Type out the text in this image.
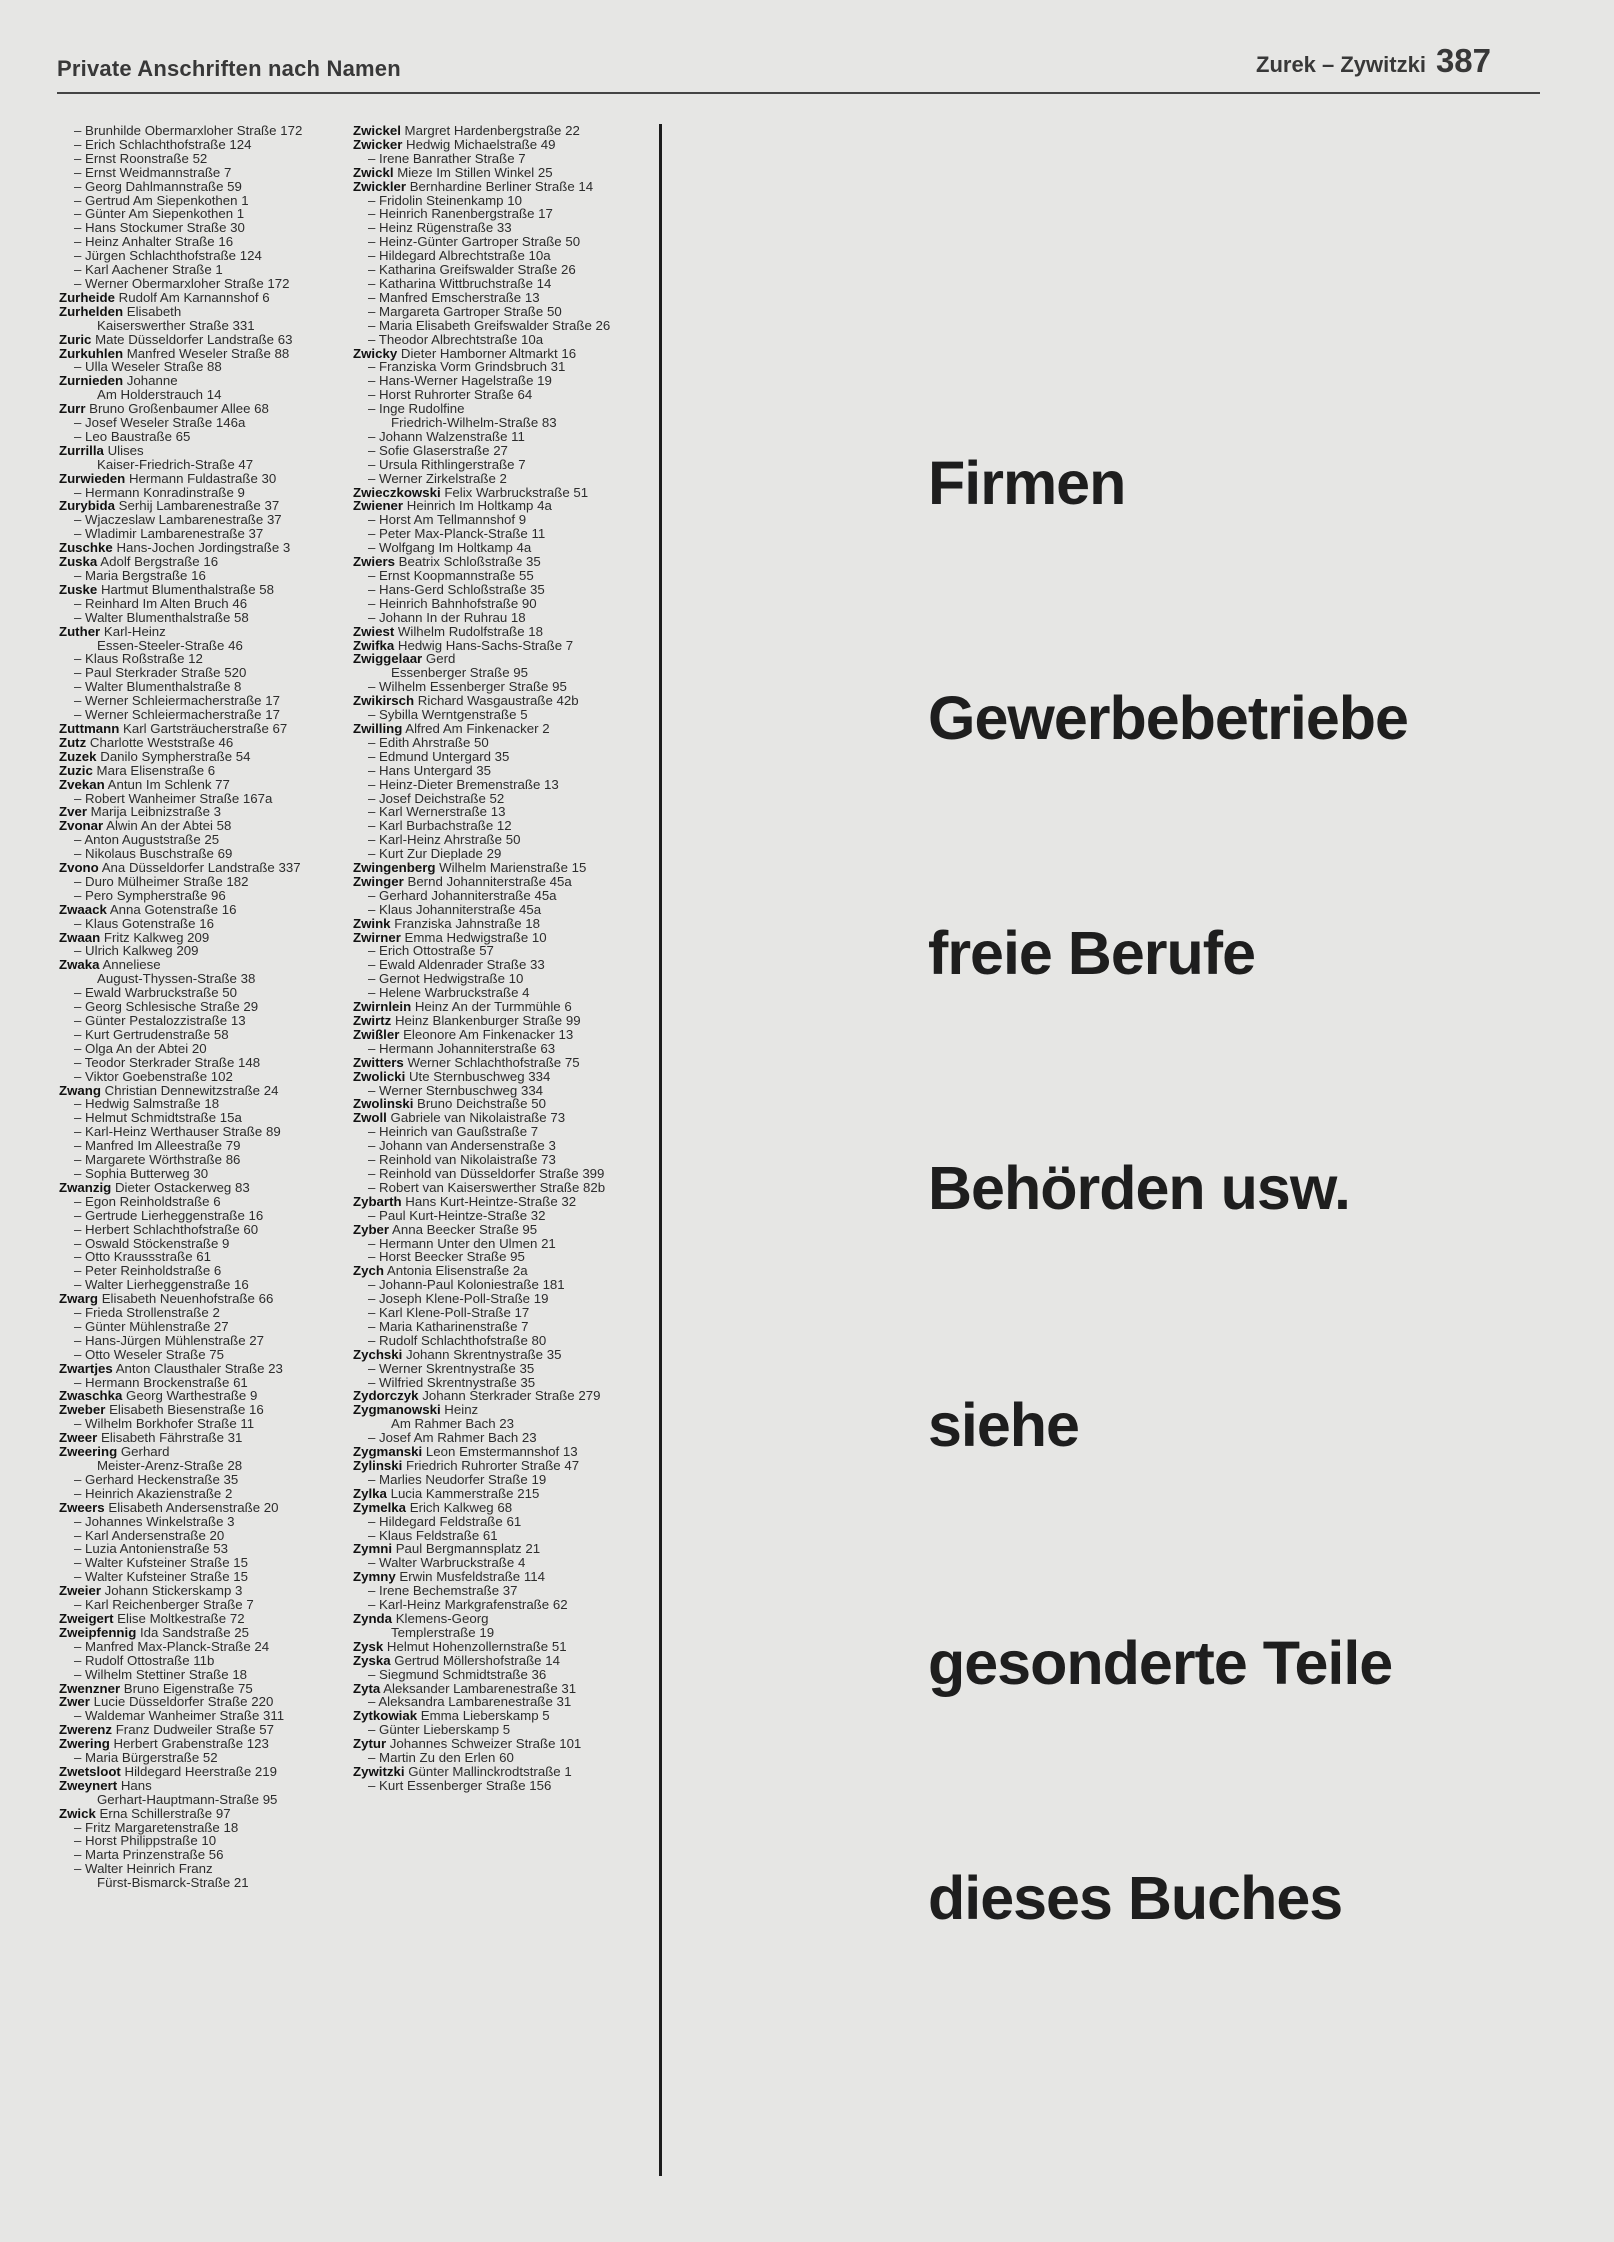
Private Anschriften nach Namen	Zurek – Zywitzki 387
– Brunhilde Obermarxloher Straße 172
– Erich Schlachthofstraße 124
– Ernst Roonstraße 52
– Ernst Weidmannstraße 7
– Georg Dahlmannstraße 59
– Gertrud Am Siepenkothen 1
– Günter Am Siepenkothen 1
– Hans Stockumer Straße 30
– Heinz Anhalter Straße 16
– Jürgen Schlachthofstraße 124
– Karl Aachener Straße 1
– Werner Obermarxloher Straße 172
Zurheide Rudolf Am Karnannshof 6
Zurhelden Elisabeth
Kaiserswerther Straße 331
Zuric Mate Düsseldorfer Landstraße 63
Zurkuhlen Manfred Weseler Straße 88
– Ulla Weseler Straße 88
Zurnieden Johanne
Am Holderstrauch 14
Zurr Bruno Großenbaumer Allee 68
– Josef Weseler Straße 146a
– Leo Baustraße 65
Zurrilla Ulises
Kaiser-Friedrich-Straße 47
Zurwieden Hermann Fuldastraße 30
– Hermann Konradinstraße 9
Zurybida Serhij Lambarenestraße 37
– Wjaczeslaw Lambarenestraße 37
– Wladimir Lambarenestraße 37
Zuschke Hans-Jochen Jordingstraße 3
Zuska Adolf Bergstraße 16
– Maria Bergstraße 16
Zuske Hartmut Blumenthalstraße 58
– Reinhard Im Alten Bruch 46
– Walter Blumenthalstraße 58
Zuther Karl-Heinz
Essen-Steeler-Straße 46
– Klaus Roßstraße 12
– Paul Sterkrader Straße 520
– Walter Blumenthalstraße 8
– Werner Schleiermacherstraße 17
– Werner Schleiermacherstraße 17
Zuttmann Karl Gartsträucherstraße 67
Zutz Charlotte Weststraße 46
Zuzek Danilo Sympherstraße 54
Zuzic Mara Elisenstraße 6
Zvekan Antun Im Schlenk 77
– Robert Wanheimer Straße 167a
Zver Marija Leibnizstraße 3
Zvonar Alwin An der Abtei 58
– Anton Auguststraße 25
– Nikolaus Buschstraße 69
Zvono Ana Düsseldorfer Landstraße 337
– Duro Mülheimer Straße 182
– Pero Sympherstraße 96
Zwaack Anna Gotenstraße 16
– Klaus Gotenstraße 16
Zwaan Fritz Kalkweg 209
– Ulrich Kalkweg 209
Zwaka Anneliese
August-Thyssen-Straße 38
– Ewald Warbruckstraße 50
– Georg Schlesische Straße 29
– Günter Pestalozzistraße 13
– Kurt Gertrudenstraße 58
– Olga An der Abtei 20
– Teodor Sterkrader Straße 148
– Viktor Goebenstraße 102
Zwang Christian Dennewitzstraße 24
– Hedwig Salmstraße 18
– Helmut Schmidtstraße 15a
– Karl-Heinz Werthauser Straße 89
– Manfred Im Alleestraße 79
– Margarete Wörthstraße 86
– Sophia Butterweg 30
Zwanzig Dieter Ostackerweg 83
– Egon Reinholdstraße 6
– Gertrude Lierheggenstraße 16
– Herbert Schlachthofstraße 60
– Oswald Stöckenstraße 9
– Otto Kraussstraße 61
– Peter Reinholdstraße 6
– Walter Lierheggenstraße 16
Zwarg Elisabeth Neuenhofstraße 66
– Frieda Strollenstraße 2
– Günter Mühlenstraße 27
– Hans-Jürgen Mühlenstraße 27
– Otto Weseler Straße 75
Zwartjes Anton Clausthaler Straße 23
– Hermann Brockenstraße 61
Zwaschka Georg Warthestraße 9
Zweber Elisabeth Biesenstraße 16
– Wilhelm Borkhofer Straße 11
Zweer Elisabeth Fährstraße 31
Zweering Gerhard
Meister-Arenz-Straße 28
– Gerhard Heckenstraße 35
– Heinrich Akazienstraße 2
Zweers Elisabeth Andersenstraße 20
– Johannes Winkelstraße 3
– Karl Andersenstraße 20
– Luzia Antonienstraße 53
– Walter Kufsteiner Straße 15
– Walter Kufsteiner Straße 15
Zweier Johann Stickerskamp 3
– Karl Reichenberger Straße 7
Zweigert Elise Moltkestraße 72
Zweipfennig Ida Sandstraße 25
– Manfred Max-Planck-Straße 24
– Rudolf Ottostraße 11b
– Wilhelm Stettiner Straße 18
Zwenzner Bruno Eigenstraße 75
Zwer Lucie Düsseldorfer Straße 220
– Waldemar Wanheimer Straße 311
Zwerenz Franz Dudweiler Straße 57
Zwering Herbert Grabenstraße 123
– Maria Bürgerstraße 52
Zwetsloot Hildegard Heerstraße 219
Zweynert Hans
Gerhart-Hauptmann-Straße 95
Zwick Erna Schillerstraße 97
– Fritz Margaretenstraße 18
– Horst Philippstraße 10
– Marta Prinzenstraße 56
– Walter Heinrich Franz
Fürst-Bismarck-Straße 21
Zwickel Margret Hardenbergstraße 22
Zwicker Hedwig Michaelstraße 49
– Irene Banrather Straße 7
Zwickl Mieze Im Stillen Winkel 25
Zwickler Bernhardine Berliner Straße 14
– Fridolin Steinenkamp 10
– Heinrich Ranenbergstraße 17
– Heinz Rügenstraße 33
– Heinz-Günter Gartroper Straße 50
– Hildegard Albrechtstraße 10a
– Katharina Greifswalder Straße 26
– Katharina Wittbruchstraße 14
– Manfred Emscherstraße 13
– Margareta Gartroper Straße 50
– Maria Elisabeth Greifswalder Straße 26
– Theodor Albrechtstraße 10a
Zwicky Dieter Hamborner Altmarkt 16
– Franziska Vorm Grindsbruch 31
– Hans-Werner Hagelstraße 19
– Horst Ruhrorter Straße 64
– Inge Rudolfine
Friedrich-Wilhelm-Straße 83
– Johann Walzenstraße 11
– Sofie Glaserstraße 27
– Ursula Rithlingerstraße 7
– Werner Zirkelstraße 2
Zwieczkowski Felix Warbruckstraße 51
Zwiener Heinrich Im Holtkamp 4a
– Horst Am Tellmannshof 9
– Peter Max-Planck-Straße 11
– Wolfgang Im Holtkamp 4a
Zwiers Beatrix Schloßstraße 35
– Ernst Koopmannstraße 55
– Hans-Gerd Schloßstraße 35
– Heinrich Bahnhofstraße 90
– Johann In der Ruhrau 18
Zwiest Wilhelm Rudolfstraße 18
Zwifka Hedwig Hans-Sachs-Straße 7
Zwiggelaar Gerd
Essenberger Straße 95
– Wilhelm Essenberger Straße 95
Zwikirsch Richard Wasgaustraße 42b
– Sybilla Werntgenstraße 5
Zwilling Alfred Am Finkenacker 2
– Edith Ahrstraße 50
– Edmund Untergard 35
– Hans Untergard 35
– Heinz-Dieter Bremenstraße 13
– Josef Deichstraße 52
– Karl Wernerstraße 13
– Karl Burbachstraße 12
– Karl-Heinz Ahrstraße 50
– Kurt Zur Dieplade 29
Zwingenberg Wilhelm Marienstraße 15
Zwinger Bernd Johanniterstraße 45a
– Gerhard Johanniterstraße 45a
– Klaus Johanniterstraße 45a
Zwink Franziska Jahnstraße 18
Zwirner Emma Hedwigstraße 10
– Erich Ottostraße 57
– Ewald Aldenrader Straße 33
– Gernot Hedwigstraße 10
– Helene Warbruckstraße 4
Zwirnlein Heinz An der Turmmühle 6
Zwirtz Heinz Blankenburger Straße 99
Zwißler Eleonore Am Finkenacker 13
– Hermann Johanniterstraße 63
Zwitters Werner Schlachthofstraße 75
Zwolicki Ute Sternbuschweg 334
– Werner Sternbuschweg 334
Zwolinski Bruno Deichstraße 50
Zwoll Gabriele van Nikolaistraße 73
– Heinrich van Gaußstraße 7
– Johann van Andersenstraße 3
– Reinhold van Nikolaistraße 73
– Reinhold van Düsseldorfer Straße 399
– Robert van Kaiserswerther Straße 82b
Zybarth Hans Kurt-Heintze-Straße 32
– Paul Kurt-Heintze-Straße 32
Zyber Anna Beecker Straße 95
– Hermann Unter den Ulmen 21
– Horst Beecker Straße 95
Zych Antonia Elisenstraße 2a
– Johann-Paul Koloniestraße 181
– Joseph Klene-Poll-Straße 19
– Karl Klene-Poll-Straße 17
– Maria Katharinenstraße 7
– Rudolf Schlachthofstraße 80
Zychski Johann Skrentnystraße 35
– Werner Skrentnystraße 35
– Wilfried Skrentnystraße 35
Zydorczyk Johann Sterkrader Straße 279
Zygmanowski Heinz
Am Rahmer Bach 23
– Josef Am Rahmer Bach 23
Zygmanski Leon Emstermannshof 13
Zylinski Friedrich Ruhrorter Straße 47
– Marlies Neudorfer Straße 19
Zylka Lucia Kammerstraße 215
Zymelka Erich Kalkweg 68
– Hildegard Feldstraße 61
– Klaus Feldstraße 61
Zymni Paul Bergmannsplatz 21
– Walter Warbruckstraße 4
Zymny Erwin Musfeldstraße 114
– Irene Bechemstraße 37
– Karl-Heinz Markgrafenstraße 62
Zynda Klemens-Georg
Templerstraße 19
Zysk Helmut Hohenzollernstraße 51
Zyska Gertrud Möllershofstraße 14
– Siegmund Schmidtstraße 36
Zyta Aleksander Lambarenestraße 31
– Aleksandra Lambarenestraße 31
Zytkowiak Emma Lieberskamp 5
– Günter Lieberskamp 5
Zytur Johannes Schweizer Straße 101
– Martin Zu den Erlen 60
Zywitzki Günter Mallinckrodtstraße 1
– Kurt Essenberger Straße 156
Firmen
Gewerbebetriebe
freie Berufe
Behörden usw.
siehe
gesonderte Teile
dieses Buches
